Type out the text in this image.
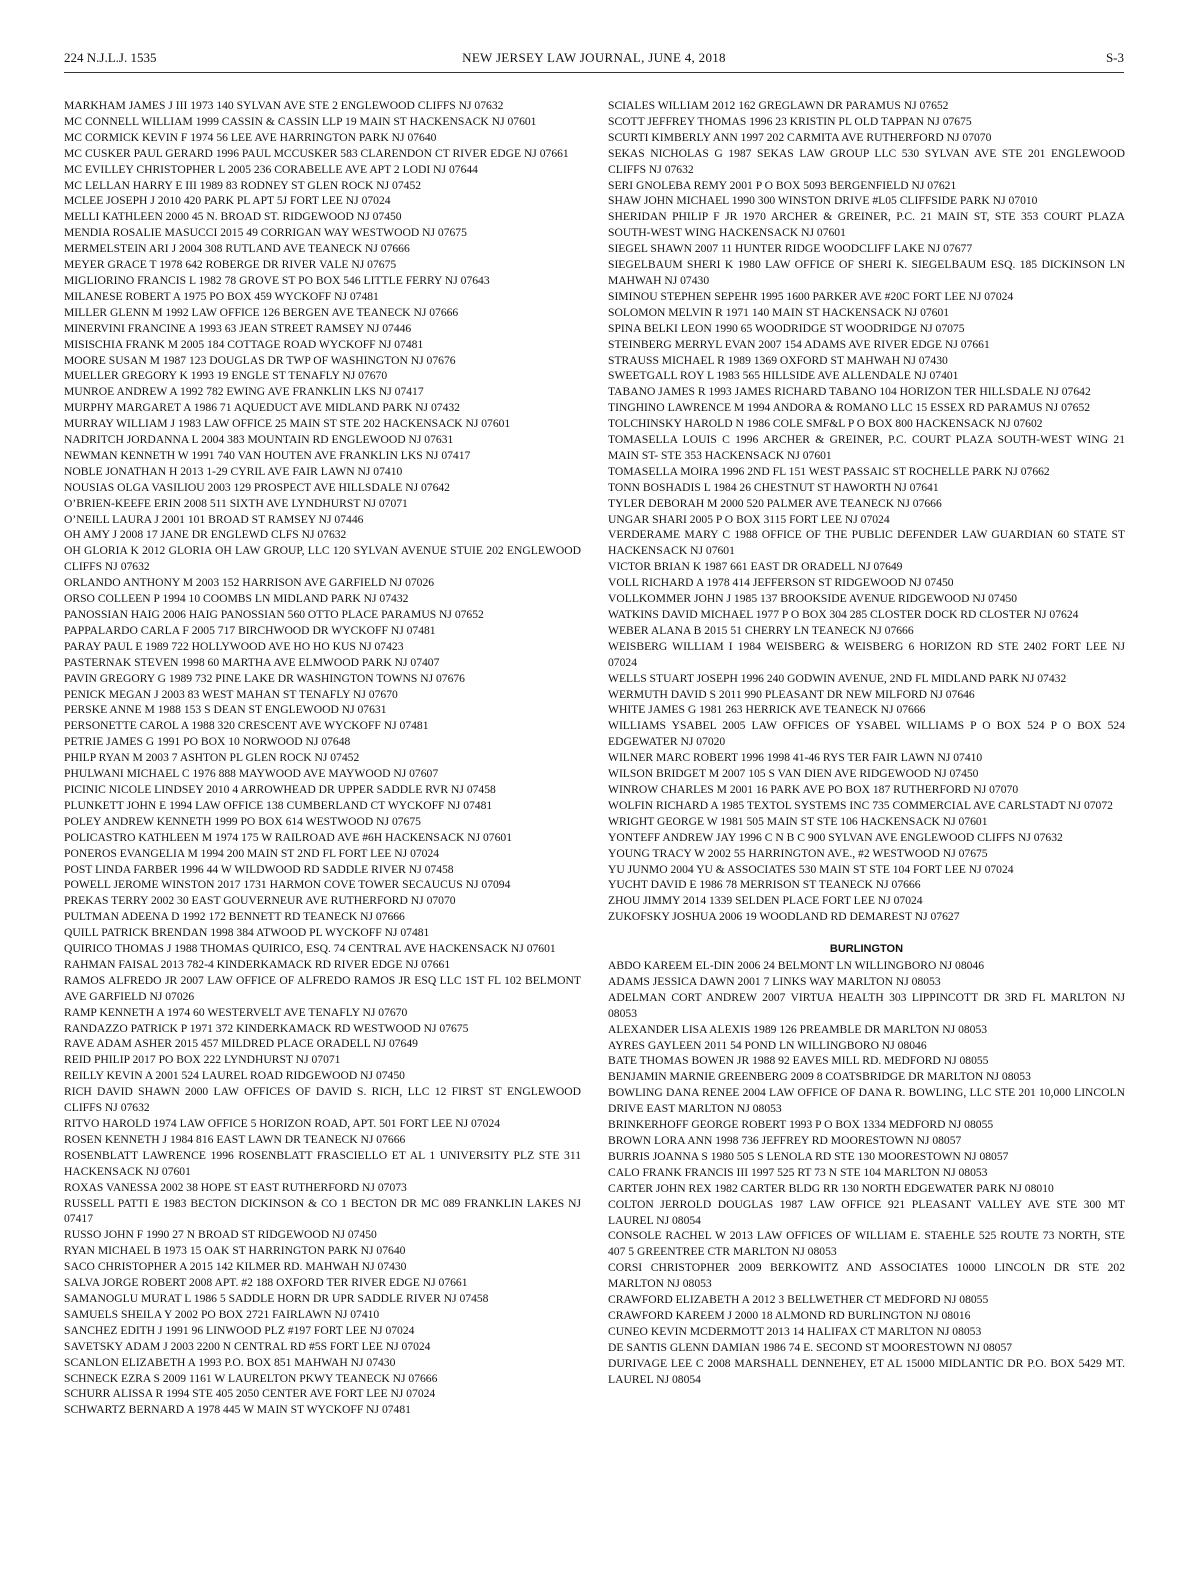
224 N.J.L.J. 1535	NEW JERSEY LAW JOURNAL, JUNE 4, 2018	S-3

MARKHAM JAMES J III 1973 140 SYLVAN AVE STE 2 ENGLEWOOD CLIFFS NJ 07632

MC CONNELL WILLIAM 1999 CASSIN & CASSIN LLP 19 MAIN ST HACKENSACK NJ 07601

MC CORMICK KEVIN F 1974 56 LEE AVE HARRINGTON PARK NJ 07640

MC CUSKER PAUL GERARD 1996 PAUL MCCUSKER 583 CLARENDON CT RIVER EDGE NJ 07661

MC EVILLEY CHRISTOPHER L 2005 236 CORABELLE AVE APT 2 LODI NJ 07644

MC LELLAN HARRY E III 1989 83 RODNEY ST GLEN ROCK NJ 07452

MCLEE JOSEPH J 2010 420 PARK PL APT 5J FORT LEE NJ 07024

MELLI KATHLEEN 2000 45 N. BROAD ST. RIDGEWOOD NJ 07450

MENDIA ROSALIE MASUCCI 2015 49 CORRIGAN WAY WESTWOOD NJ 07675

MERMELSTEIN ARI J 2004 308 RUTLAND AVE TEANECK NJ 07666

MEYER GRACE T 1978 642 ROBERGE DR RIVER VALE NJ 07675

MIGLIORINO FRANCIS L 1982 78 GROVE ST PO BOX 546 LITTLE FERRY NJ 07643

MILANESE ROBERT A 1975 PO BOX 459 WYCKOFF NJ 07481

MILLER GLENN M 1992 LAW OFFICE 126 BERGEN AVE TEANECK NJ 07666

MINERVINI FRANCINE A 1993 63 JEAN STREET RAMSEY NJ 07446

MISISCHIA FRANK M 2005 184 COTTAGE ROAD WYCKOFF NJ 07481

MOORE SUSAN M 1987 123 DOUGLAS DR TWP OF WASHINGTON NJ 07676

MUELLER GREGORY K 1993 19 ENGLE ST TENAFLY NJ 07670

MUNROE ANDREW A 1992 782 EWING AVE FRANKLIN LKS NJ 07417

MURPHY MARGARET A 1986 71 AQUEDUCT AVE MIDLAND PARK NJ 07432

MURRAY WILLIAM J 1983 LAW OFFICE 25 MAIN ST STE 202 HACKENSACK NJ 07601

NADRITCH JORDANNA L 2004 383 MOUNTAIN RD ENGLEWOOD NJ 07631

NEWMAN KENNETH W 1991 740 VAN HOUTEN AVE FRANKLIN LKS NJ 07417

NOBLE JONATHAN H 2013 1-29 CYRIL AVE FAIR LAWN NJ 07410

NOUSIAS OLGA VASILIOU 2003 129 PROSPECT AVE HILLSDALE NJ 07642

O’BRIEN-KEEFE ERIN 2008 511 SIXTH AVE LYNDHURST NJ 07071

O’NEILL LAURA J 2001 101 BROAD ST RAMSEY NJ 07446

OH AMY J 2008 17 JANE DR ENGLEWD CLFS NJ 07632

OH GLORIA K 2012 GLORIA OH LAW GROUP, LLC 120 SYLVAN AVENUE STUIE 202 ENGLEWOOD CLIFFS NJ 07632

ORLANDO ANTHONY M 2003 152 HARRISON AVE GARFIELD NJ 07026

ORSO COLLEEN P 1994 10 COOMBS LN MIDLAND PARK NJ 07432

PANOSSIAN HAIG 2006 HAIG PANOSSIAN 560 OTTO PLACE PARAMUS NJ 07652

PAPPALARDO CARLA F 2005 717 BIRCHWOOD DR WYCKOFF NJ 07481

PARAY PAUL E 1989 722 HOLLYWOOD AVE HO HO KUS NJ 07423

PASTERNAK STEVEN 1998 60 MARTHA AVE ELMWOOD PARK NJ 07407

PAVIN GREGORY G 1989 732 PINE LAKE DR WASHINGTON TOWNS NJ 07676

PENICK MEGAN J 2003 83 WEST MAHAN ST TENAFLY NJ 07670

PERSKE ANNE M 1988 153 S DEAN ST ENGLEWOOD NJ 07631

PERSONETTE CAROL A 1988 320 CRESCENT AVE WYCKOFF NJ 07481

PETRIE JAMES G 1991 PO BOX 10 NORWOOD NJ 07648

PHILP RYAN M 2003 7 ASHTON PL GLEN ROCK NJ 07452

PHULWANI MICHAEL C 1976 888 MAYWOOD AVE MAYWOOD NJ 07607

PICINIC NICOLE LINDSEY 2010 4 ARROWHEAD DR UPPER SADDLE RVR NJ 07458

PLUNKETT JOHN E 1994 LAW OFFICE 138 CUMBERLAND CT WYCKOFF NJ 07481

POLEY ANDREW KENNETH 1999 PO BOX 614 WESTWOOD NJ 07675

POLICASTRO KATHLEEN M 1974 175 W RAILROAD AVE #6H HACKENSACK NJ 07601

PONEROS EVANGELIA M 1994 200 MAIN ST 2ND FL FORT LEE NJ 07024

POST LINDA FARBER 1996 44 W WILDWOOD RD SADDLE RIVER NJ 07458

POWELL JEROME WINSTON 2017 1731 HARMON COVE TOWER SECAUCUS NJ 07094

PREKAS TERRY 2002 30 EAST GOUVERNEUR AVE RUTHERFORD NJ 07070

PULTMAN ADEENA D 1992 172 BENNETT RD TEANECK NJ 07666

QUILL PATRICK BRENDAN 1998 384 ATWOOD PL WYCKOFF NJ 07481

QUIRICO THOMAS J 1988 THOMAS QUIRICO, ESQ. 74 CENTRAL AVE HACKENSACK NJ 07601

RAHMAN FAISAL 2013 782-4 KINDERKAMACK RD RIVER EDGE NJ 07661

RAMOS ALFREDO JR 2007 LAW OFFICE OF ALFREDO RAMOS JR ESQ LLC 1ST FL 102 BELMONT AVE GARFIELD NJ 07026

RAMP KENNETH A 1974 60 WESTERVELT AVE TENAFLY NJ 07670

RANDAZZO PATRICK P 1971 372 KINDERKAMACK RD WESTWOOD NJ 07675

RAVE ADAM ASHER 2015 457 MILDRED PLACE ORADELL NJ 07649

REID PHILIP 2017 PO BOX 222 LYNDHURST NJ 07071

REILLY KEVIN A 2001 524 LAUREL ROAD RIDGEWOOD NJ 07450

RICH DAVID SHAWN 2000 LAW OFFICES OF DAVID S. RICH, LLC 12 FIRST ST ENGLEWOOD CLIFFS NJ 07632

RITVO HAROLD 1974 LAW OFFICE 5 HORIZON ROAD, APT. 501 FORT LEE NJ 07024

ROSEN KENNETH J 1984 816 EAST LAWN DR TEANECK NJ 07666

ROSENBLATT LAWRENCE 1996 ROSENBLATT FRASCIELLO ET AL 1 UNIVERSITY PLZ STE 311 HACKENSACK NJ 07601

ROXAS VANESSA 2002 38 HOPE ST EAST RUTHERFORD NJ 07073

RUSSELL PATTI E 1983 BECTON DICKINSON & CO 1 BECTON DR MC 089 FRANKLIN LAKES NJ 07417

RUSSO JOHN F 1990 27 N BROAD ST RIDGEWOOD NJ 07450

RYAN MICHAEL B 1973 15 OAK ST HARRINGTON PARK NJ 07640

SACO CHRISTOPHER A 2015 142 KILMER RD. MAHWAH NJ 07430

SALVA JORGE ROBERT 2008 APT. #2 188 OXFORD TER RIVER EDGE NJ 07661

SAMANOGLU MURAT L 1986 5 SADDLE HORN DR UPR SADDLE RIVER NJ 07458

SAMUELS SHEILA Y 2002 PO BOX 2721 FAIRLAWN NJ 07410

SANCHEZ EDITH J 1991 96 LINWOOD PLZ #197 FORT LEE NJ 07024

SAVETSKY ADAM J 2003 2200 N CENTRAL RD #5S FORT LEE NJ 07024

SCANLON ELIZABETH A 1993 P.O. BOX 851 MAHWAH NJ 07430

SCHNECK EZRA S 2009 1161 W LAURELTON PKWY TEANECK NJ 07666

SCHURR ALISSA R 1994 STE 405 2050 CENTER AVE FORT LEE NJ 07024

SCHWARTZ BERNARD A 1978 445 W MAIN ST WYCKOFF NJ 07481

SCIALES WILLIAM 2012 162 GREGLAWN DR PARAMUS NJ 07652

SCOTT JEFFREY THOMAS 1996 23 KRISTIN PL OLD TAPPAN NJ 07675

SCURTI KIMBERLY ANN 1997 202 CARMITA AVE RUTHERFORD NJ 07070

SEKAS NICHOLAS G 1987 SEKAS LAW GROUP LLC 530 SYLVAN AVE STE 201 ENGLEWOOD CLIFFS NJ 07632

SERI GNOLEBA REMY 2001 P O BOX 5093 BERGENFIELD NJ 07621

SHAW JOHN MICHAEL 1990 300 WINSTON DRIVE #L05 CLIFFSIDE PARK NJ 07010

SHERIDAN PHILIP F JR 1970 ARCHER & GREINER, P.C. 21 MAIN ST, STE 353 COURT PLAZA SOUTH-WEST WING HACKENSACK NJ 07601

SIEGEL SHAWN 2007 11 HUNTER RIDGE WOODCLIFF LAKE NJ 07677

SIEGELBAUM SHERI K 1980 LAW OFFICE OF SHERI K. SIEGELBAUM ESQ. 185 DICKINSON LN MAHWAH NJ 07430

SIMINOU STEPHEN SEPEHR 1995 1600 PARKER AVE #20C FORT LEE NJ 07024

SOLOMON MELVIN R 1971 140 MAIN ST HACKENSACK NJ 07601

SPINA BELKI LEON 1990 65 WOODRIDGE ST WOODRIDGE NJ 07075

STEINBERG MERRYL EVAN 2007 154 ADAMS AVE RIVER EDGE NJ 07661

STRAUSS MICHAEL R 1989 1369 OXFORD ST MAHWAH NJ 07430

SWEETGALL ROY L 1983 565 HILLSIDE AVE ALLENDALE NJ 07401

TABANO JAMES R 1993 JAMES RICHARD TABANO 104 HORIZON TER HILLSDALE NJ 07642

TINGHINO LAWRENCE M 1994 ANDORA & ROMANO LLC 15 ESSEX RD PARAMUS NJ 07652

TOLCHINSKY HAROLD N 1986 COLE SMF&L P O BOX 800 HACKENSACK NJ 07602

TOMASELLA LOUIS C 1996 ARCHER & GREINER, P.C. COURT PLAZA SOUTH-WEST WING 21 MAIN ST- STE 353 HACKENSACK NJ 07601

TOMASELLA MOIRA 1996 2ND FL 151 WEST PASSAIC ST ROCHELLE PARK NJ 07662

TONN BOSHADIS L 1984 26 CHESTNUT ST HAWORTH NJ 07641

TYLER DEBORAH M 2000 520 PALMER AVE TEANECK NJ 07666

UNGAR SHARI 2005 P O BOX 3115 FORT LEE NJ 07024

VERDERAME MARY C 1988 OFFICE OF THE PUBLIC DEFENDER LAW GUARDIAN 60 STATE ST HACKENSACK NJ 07601

VICTOR BRIAN K 1987 661 EAST DR ORADELL NJ 07649

VOLL RICHARD A 1978 414 JEFFERSON ST RIDGEWOOD NJ 07450

VOLLKOMMER JOHN J 1985 137 BROOKSIDE AVENUE RIDGEWOOD NJ 07450

WATKINS DAVID MICHAEL 1977 P O BOX 304 285 CLOSTER DOCK RD CLOSTER NJ 07624

WEBER ALANA B 2015 51 CHERRY LN TEANECK NJ 07666

WEISBERG WILLIAM I 1984 WEISBERG & WEISBERG 6 HORIZON RD STE 2402 FORT LEE NJ 07024

WELLS STUART JOSEPH 1996 240 GODWIN AVENUE, 2ND FL MIDLAND PARK NJ 07432

WERMUTH DAVID S 2011 990 PLEASANT DR NEW MILFORD NJ 07646

WHITE JAMES G 1981 263 HERRICK AVE TEANECK NJ 07666

WILLIAMS YSABEL 2005 LAW OFFICES OF YSABEL WILLIAMS P O BOX 524 P O BOX 524 EDGEWATER NJ 07020

WILNER MARC ROBERT 1996 1998 41-46 RYS TER FAIR LAWN NJ 07410

WILSON BRIDGET M 2007 105 S VAN DIEN AVE RIDGEWOOD NJ 07450

WINROW CHARLES M 2001 16 PARK AVE PO BOX 187 RUTHERFORD NJ 07070

WOLFIN RICHARD A 1985 TEXTOL SYSTEMS INC 735 COMMERCIAL AVE CARLSTADT NJ 07072

WRIGHT GEORGE W 1981 505 MAIN ST STE 106 HACKENSACK NJ 07601

YONTEFF ANDREW JAY 1996 C N B C 900 SYLVAN AVE ENGLEWOOD CLIFFS NJ 07632

YOUNG TRACY W 2002 55 HARRINGTON AVE., #2 WESTWOOD NJ 07675

YU JUNMO 2004 YU & ASSOCIATES 530 MAIN ST STE 104 FORT LEE NJ 07024

YUCHT DAVID E 1986 78 MERRISON ST TEANECK NJ 07666

ZHOU JIMMY 2014 1339 SELDEN PLACE FORT LEE NJ 07024

ZUKOFSKY JOSHUA 2006 19 WOODLAND RD DEMAREST NJ 07627

BURLINGTON

ABDO KAREEM EL-DIN 2006 24 BELMONT LN WILLINGBORO NJ 08046

ADAMS JESSICA DAWN 2001 7 LINKS WAY MARLTON NJ 08053

ADELMAN CORT ANDREW 2007 VIRTUA HEALTH 303 LIPPINCOTT DR 3RD FL MARLTON NJ 08053

ALEXANDER LISA ALEXIS 1989 126 PREAMBLE DR MARLTON NJ 08053

AYRES GAYLEEN 2011 54 POND LN WILLINGBORO NJ 08046

BATE THOMAS BOWEN JR 1988 92 EAVES MILL RD. MEDFORD NJ 08055

BENJAMIN MARNIE GREENBERG 2009 8 COATSBRIDGE DR MARLTON NJ 08053

BOWLING DANA RENEE 2004 LAW OFFICE OF DANA R. BOWLING, LLC STE 201 10,000 LINCOLN DRIVE EAST MARLTON NJ 08053

BRINKERHOFF GEORGE ROBERT 1993 P O BOX 1334 MEDFORD NJ 08055

BROWN LORA ANN 1998 736 JEFFREY RD MOORESTOWN NJ 08057

BURRIS JOANNA S 1980 505 S LENOLA RD STE 130 MOORESTOWN NJ 08057

CALO FRANK FRANCIS III 1997 525 RT 73 N STE 104 MARLTON NJ 08053

CARTER JOHN REX 1982 CARTER BLDG RR 130 NORTH EDGEWATER PARK NJ 08010

COLTON JERROLD DOUGLAS 1987 LAW OFFICE 921 PLEASANT VALLEY AVE STE 300 MT LAUREL NJ 08054

CONSOLE RACHEL W 2013 LAW OFFICES OF WILLIAM E. STAEHLE 525 ROUTE 73 NORTH, STE 407 5 GREENTREE CTR MARLTON NJ 08053

CORSI CHRISTOPHER 2009 BERKOWITZ AND ASSOCIATES 10000 LINCOLN DR STE 202 MARLTON NJ 08053

CRAWFORD ELIZABETH A 2012 3 BELLWETHER CT MEDFORD NJ 08055

CRAWFORD KAREEM J 2000 18 ALMOND RD BURLINGTON NJ 08016

CUNEO KEVIN MCDERMOTT 2013 14 HALIFAX CT MARLTON NJ 08053

DE SANTIS GLENN DAMIAN 1986 74 E. SECOND ST MOORESTOWN NJ 08057

DURIVAGE LEE C 2008 MARSHALL DENNEHEY, ET AL 15000 MIDLANTIC DR P.O. BOX 5429 MT. LAUREL NJ 08054
